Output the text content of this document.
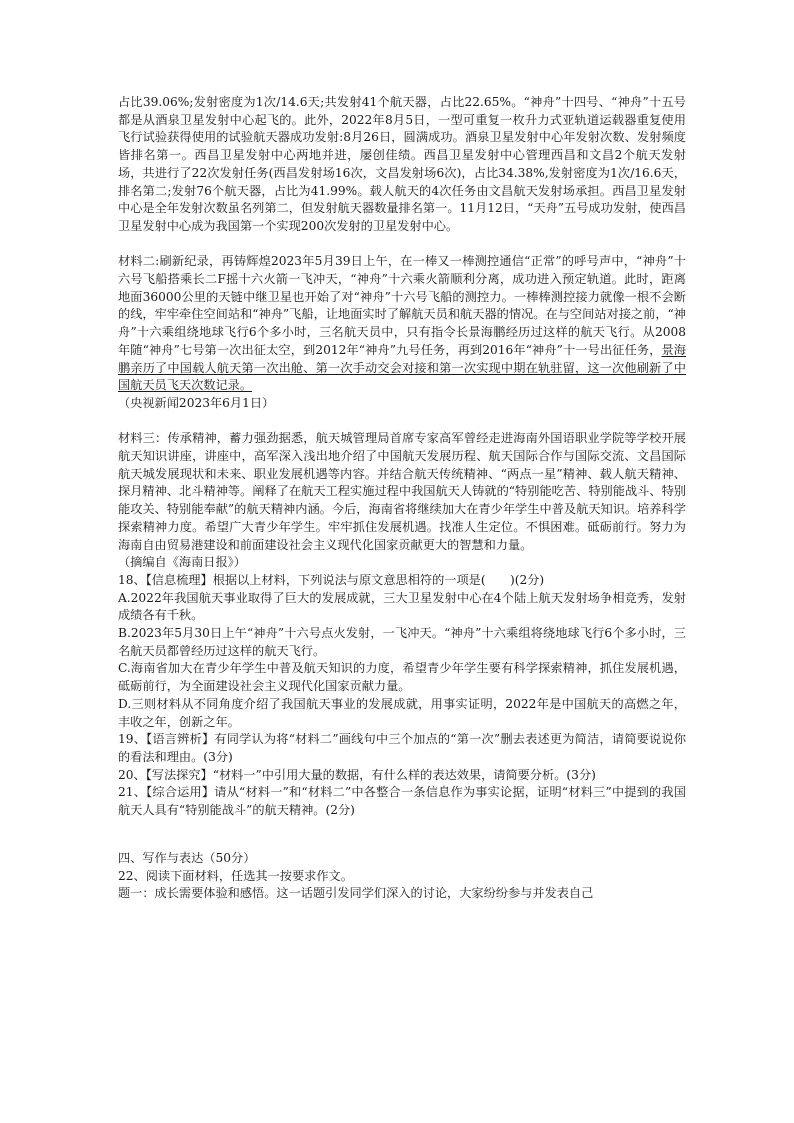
占比39.06%;发射密度为1次/14.6天;共发射41个航天器，占比22.65%。“神舟”十四号、“神舟”十五号都是从酒泉卫星发射中心起飞的。此外，2022年8月5日，一型可重复一枚升力式亚轨道运载器重复使用飞行试验获得使用的试验航天器成功发射:8月26日，圆满成功。酒泉卫星发射中心年发射次数、发射频度皆排名第一。西昌卫星发射中心两地并进，屡创佳绩。西昌卫星发射中心管理西昌和文昌2个航天发射场，共进行了22次发射任务(西昌发射场16次，文昌发射场6次)，占比34.38%,发射密度为1次/16.6天，排名第二;发射76个航天器，占比为41.99%。载人航天的4次任务由文昌航天发射场承担。西昌卫星发射中心是全年发射次数虽名列第二，但发射航天器数量排名第一。11月12日，“天舟”五号成功发射，使西昌卫星发射中心成为我国第一个实现200次发射的卫星发射中心。

材料二:刷新纪录，再铸辉煌2023年5月39日上午，在一棒又一棒测控通信“正常”的呼号声中，“神舟”十六号飞船搭乘长二F摇十六火箭一飞冲天，“神舟”十六乘火箭顺利分离，成功进入预定轨道。此时，距离地面36000公里的天链中继卫星也开始了对“神舟”十六号飞船的测控力。一棒棒测控接力就像一根不会断的线，牢牢牵住空间站和“神舟”飞船，让地面实时了解航天员和航天器的情况。在与空间站对接之前，“神舟”十六乘组绕地球飞行6个多小时，三名航天员中，只有指令长景海鹏经历过这样的航天飞行。从2008年随“神舟”七号第一次出征太空，到2012年“神舟”九号任务，再到2016年“神舟”十一号出征任务，景海鹏亲历了中国载人航天第一次出舱、第一次手动交会对接和第一次实现中期在轨驻留，这一次他刷新了中国航天员飞天次数记录。

（央视新闻2023年6月1日）

材料三：传承精神，蓄力强劲据悉，航天城管理局首席专家高军曾经走进海南外国语职业学院等学校开展航天知识讲座，讲座中，高军深入浅出地介绍了中国航天发展历程、航天国际合作与国际交流、文昌国际航天城发展现状和未来、职业发展机遇等内容。并结合航天传统精神、“两点一星”精神、载人航天精神、探月精神、北斗精神等。阐释了在航天工程实施过程中我国航天人铸就的“特别能吃苦、特别能战斗、特别能攻关、特别能奉献”的航天精神内涵。今后，海南省将继续加大在青少年学生中普及航天知识。培养科学探索精神力度。希望广大青少年学生。牢牢抓住发展机遇。找准人生定位。不惧困难。砥砺前行。努力为海南自由贸易港建设和前面建设社会主义现代化国家贡献更大的智慧和力量。

（摘编自《海南日报》）

18、【信息梳理】根据以上材料，下列说法与原文意思相符的一项是(　　)(2分)

A.2022年我国航天事业取得了巨大的发展成就，三大卫星发射中心在4个陆上航天发射场争相竞秀，发射成绩各有千秋。

B.2023年5月30日上午“神舟”十六号点火发射，一飞冲天。“神舟”十六乘组将绕地球飞行6个多小时，三名航天员都曾经历过这样的航天飞行。

C.海南省加大在青少年学生中普及航天知识的力度，希望青少年学生要有科学探索精神，抓住发展机遇，砥砺前行，为全面建设社会主义现代化国家贡献力量。

D.三则材料从不同角度介绍了我国航天事业的发展成就，用事实证明，2022年是中国航天的高燃之年，丰收之年，创新之年。

19、【语言辨析】有同学认为将“材料二”画线句中三个加点的“第一次”删去表述更为简洁，请简要说说你的看法和理由。(3分)

20、【写法探究】“材料一”中引用大量的数据，有什么样的表达效果，请简要分析。(3分)

21、【综合运用】请从“材料一”和“材料二”中各整合一条信息作为事实论据，证明“材料三”中提到的我国航天人具有“特别能战斗”的航天精神。(2分)

四、写作与表达（50分）

22、阅读下面材料，任选其一按要求作文。

题一：成长需要体验和感悟。这一话题引发同学们深入的讨论，大家纷纷参与并发表自己
